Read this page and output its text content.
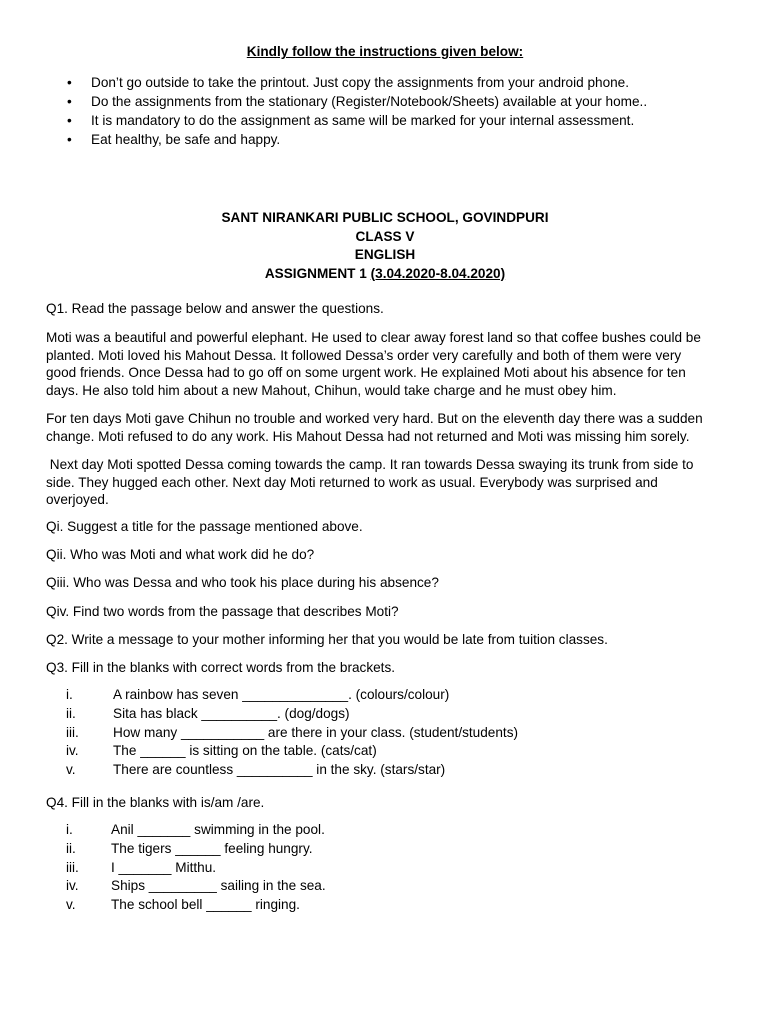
Kindly follow the instructions given below:
• Don’t go outside to take the printout. Just copy the assignments from your android phone.
• Do the assignments from the stationary (Register/Notebook/Sheets) available at your home..
• It is mandatory to do the assignment as same will be marked for your internal assessment.
• Eat healthy, be safe and happy.
SANT NIRANKARI PUBLIC SCHOOL, GOVINDPURI
CLASS V
ENGLISH
ASSIGNMENT 1 (3.04.2020-8.04.2020)
Q1. Read the passage below and answer the questions.

Moti was a beautiful and powerful elephant. He used to clear away forest land so that coffee bushes could be

planted. Moti loved his Mahout Dessa. It followed Dessa’s order very carefully and both of them were very

good friends. Once Dessa had to go off on some urgent work. He explained Moti about his absence for ten

days. He also told him about a new Mahout, Chihun, would take charge and he must obey him.

For ten days Moti gave Chihun no trouble and worked very hard. But on the eleventh day there was a sudden

change. Moti refused to do any work. His Mahout Dessa had not returned and Moti was missing him sorely.

Next day Moti spotted Dessa coming towards the camp. It ran towards Dessa swaying its trunk from side to

side. They hugged each other. Next day Moti returned to work as usual. Everybody was surprised and

overjoyed.

Qi. Suggest a title for the passage mentioned above.
Qii. Who was Moti and what work did he do?
Qiii. Who was Dessa and who took his place during his absence?
Qiv. Find two words from the passage that describes Moti?
Q2. Write a message to your mother informing her that you would be late from tuition classes.
Q3. Fill in the blanks with correct words from the brackets.
i.	A rainbow has seven ______________. (colours/colour)
ii.	Sita has black __________. (dog/dogs)
iii.	How many ___________ are there in your class. (student/students)
iv.	The ______ is sitting on the table. (cats/cat)
v.	There are countless __________ in the sky. (stars/star)
Q4. Fill in the blanks with is/am /are.
i.	Anil _______ swimming in the pool.
ii.	The tigers ______ feeling hungry.
iii.	I _______ Mitthu.
iv.	Ships _________ sailing in the sea.
v.	The school bell ______ ringing.
